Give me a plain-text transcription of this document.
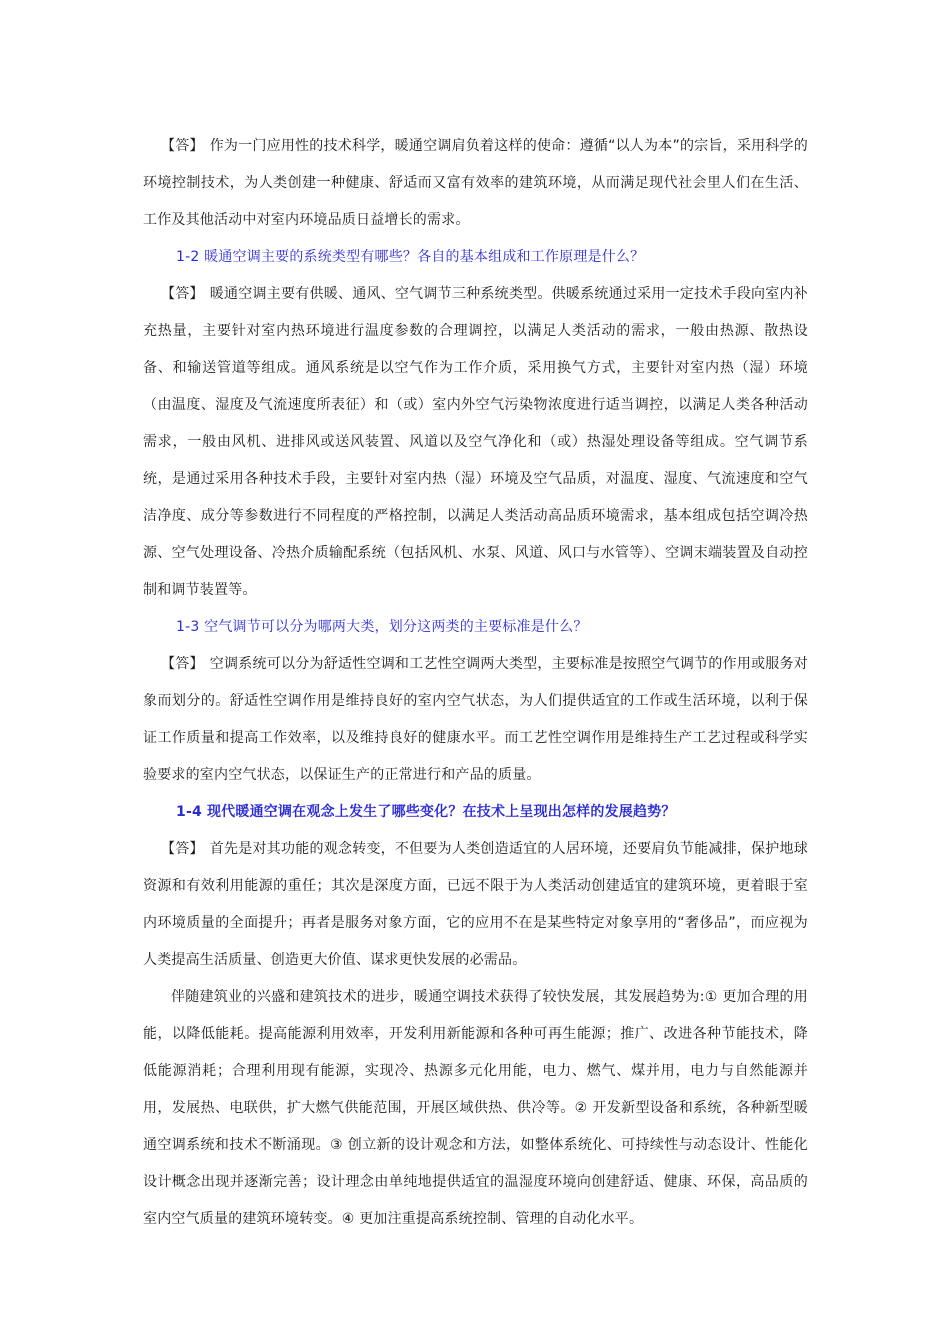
【答】 作为一门应用性的技术科学，暖通空调肩负着这样的使命：遵循“以人为本”的宗旨，采用科学的环境控制技术，为人类创建一种健康、舒适而又富有效率的建筑环境，从而满足现代社会里人们在生活、工作及其他活动中对室内环境品质日益增长的需求。

1-2 暖通空调主要的系统类型有哪些？各自的基本组成和工作原理是什么？

【答】 暖通空调主要有供暖、通风、空气调节三种系统类型。供暖系统通过采用一定技术手段向室内补充热量，主要针对室内热环境进行温度参数的合理调控，以满足人类活动的需求，一般由热源、散热设备、和输送管道等组成。通风系统是以空气作为工作介质，采用换气方式，主要针对室内热（湿）环境（由温度、湿度及气流速度所表征）和（或）室内外空气污染物浓度进行适当调控，以满足人类各种活动需求，一般由风机、进排风或送风装置、风道以及空气净化和（或）热湿处理设备等组成。空气调节系统，是通过采用各种技术手段，主要针对室内热（湿）环境及空气品质，对温度、湿度、气流速度和空气洁净度、成分等参数进行不同程度的严格控制，以满足人类活动高品质环境需求，基本组成包括空调冷热源、空气处理设备、冷热介质输配系统（包括风机、水泵、风道、风口与水管等）、空调末端装置及自动控制和调节装置等。

1-3 空气调节可以分为哪两大类，划分这两类的主要标准是什么？

【答】 空调系统可以分为舒适性空调和工艺性空调两大类型，主要标准是按照空气调节的作用或服务对象而划分的。舒适性空调作用是维持良好的室内空气状态，为人们提供适宜的工作或生活环境，以利于保证工作质量和提高工作效率，以及维持良好的健康水平。而工艺性空调作用是维持生产工艺过程或科学实验要求的室内空气状态，以保证生产的正常进行和产品的质量。

1-4 现代暖通空调在观念上发生了哪些变化？在技术上呈现出怎样的发展趋势？

【答】 首先是对其功能的观念转变，不但要为人类创造适宜的人居环境，还要肩负节能减排，保护地球资源和有效利用能源的重任；其次是深度方面，已远不限于为人类活动创建适宜的建筑环境，更着眼于室内环境质量的全面提升；再者是服务对象方面，它的应用不在是某些特定对象享用的“奢侈品”，而应视为人类提高生活质量、创造更大价值、谋求更快发展的必需品。

伴随建筑业的兴盛和建筑技术的进步，暖通空调技术获得了较快发展，其发展趋势为:① 更加合理的用能，以降低能耗。提高能源利用效率，开发利用新能源和各种可再生能源；推广、改进各种节能技术，降低能源消耗；合理利用现有能源，实现冷、热源多元化用能，电力、燃气、煤并用，电力与自然能源并用，发展热、电联供，扩大燃气供能范围，开展区域供热、供冷等。② 开发新型设备和系统，各种新型暖通空调系统和技术不断涌现。③ 创立新的设计观念和方法，如整体系统化、可持续性与动态设计、性能化设计概念出现并逐渐完善；设计理念由单纯地提供适宜的温湿度环境向创建舒适、健康、环保，高品质的室内空气质量的建筑环境转变。④ 更加注重提高系统控制、管理的自动化水平。
